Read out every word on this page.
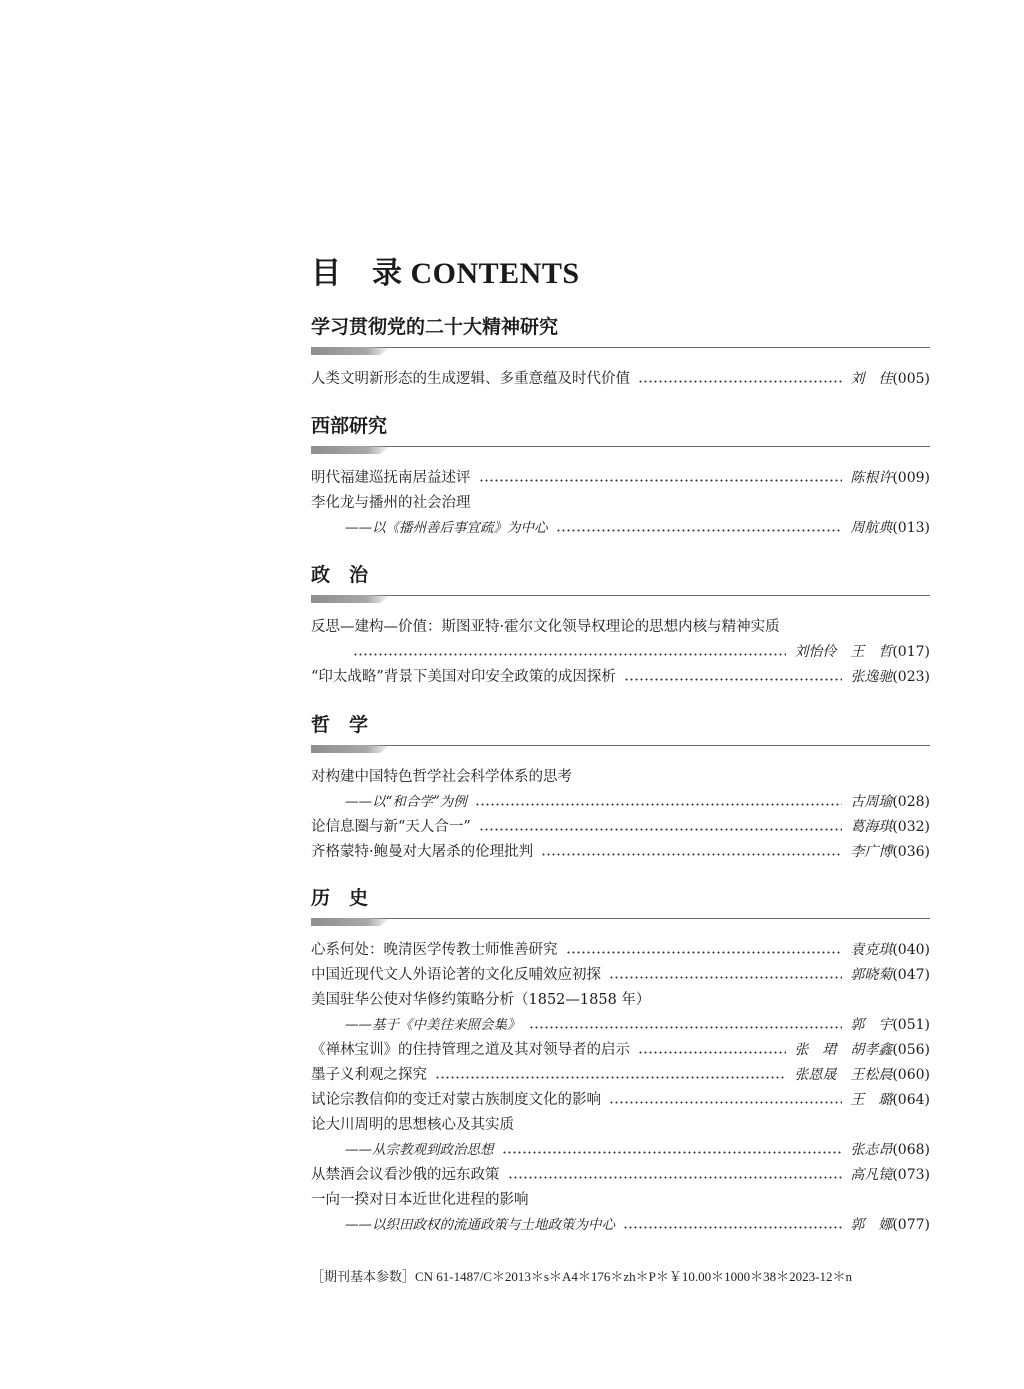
目　录 CONTENTS
学习贯彻党的二十大精神研究
人类文明新形态的生成逻辑、多重意蕴及时代价值	刘　佳 (005)
西部研究
明代福建巡抚南居益述评	陈根许 (009)
李化龙与播州的社会治理
——以《播州善后事宜疏》为中心	周航典 (013)
政　治
反思—建构—价值：斯图亚特·霍尔文化领导权理论的思想内核与精神实质
刘怡伶　王　哲 (017)
“印太战略”背景下美国对印安全政策的成因探析	张逸驰 (023)
哲　学
对构建中国特色哲学社会科学体系的思考
——以“和合学”为例	古周瑜 (028)
论信息圈与新“天人合一”	葛海琪 (032)
齐格蒙特·鲍曼对大屠杀的伦理批判	李广博 (036)
历　史
心系何处：晚清医学传教士师惟善研究	袁克琪 (040)
中国近现代文人外语论著的文化反哺效应初探	郭晓菊 (047)
美国驻华公使对华修约策略分析（1852—1858 年）
——基于《中美往来照会集》	郭　宇 (051)
《禅林宝训》的住持管理之道及其对领导者的启示	张　珺　胡孝鑫 (056)
墨子义利观之探究	张恩晟　王松晨 (060)
试论宗教信仰的变迁对蒙古族制度文化的影响	王　璐 (064)
论大川周明的思想核心及其实质
——从宗教观到政治思想	张志昂 (068)
从禁酒会议看沙俄的远东政策	高凡镜 (073)
一向一揆对日本近世化进程的影响
——以织田政权的流通政策与土地政策为中心	郭　娜 (077)
［期刊基本参数］CN 61-1487/C＊2013＊s＊A4＊176＊zh＊P＊￥10.00＊1000＊38＊2023-12＊n
